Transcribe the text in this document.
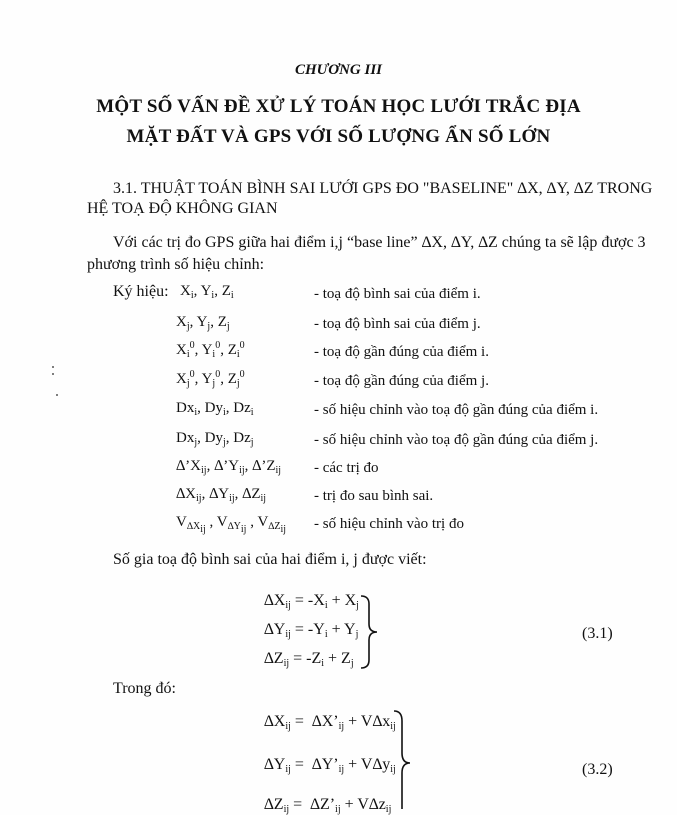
CHƯƠNG III
MỘT SỐ VẤN ĐỀ XỬ LÝ TOÁN HỌC LƯỚI TRẮC ĐỊA
MẶT ĐẤT VÀ GPS VỚI SỐ LƯỢNG ẨN SỐ LỚN
3.1. THUẬT TOÁN BÌNH SAI LƯỚI GPS ĐO "BASELINE" ∆X, ∆Y, ∆Z TRONG
HỆ TOẠ ĐỘ KHÔNG GIAN
Với các trị đo GPS giữa hai điểm i,j “base line” ∆X, ∆Y, ∆Z chúng ta sẽ lập được 3
phương trình số hiệu chỉnh:
Ký hiệu: $X_i$, $Y_i$, $Z_i$
$X_j$, $Y_j$, $Z_j$
$X_i^0$, $Y_i^0$, $Z_i^0$
$X_j^0$, $Y_j^0$, $Z_j^0$
$Dx_i$, $Dy_i$, $Dz_i$
$Dx_j$, $Dy_j$, $Dz_j$
$\Delta’X_{ij}$, $\Delta’Y_{ij}$, $\Delta’Z_{ij}$
$\Delta X_{ij}$, $\Delta Y_{ij}$, $\Delta Z_{ij}$
$V_{\Delta X_{ij}}$ , $V_{\Delta Y_{ij}}$ , $V_{\Delta Z_{ij}}$
- toạ độ bình sai của điểm i.
- toạ độ bình sai của điểm j.
- toạ độ gần đúng của điểm i.
- toạ độ gần đúng của điểm j.
- số hiệu chỉnh vào toạ độ gần đúng của điểm i.
- số hiệu chỉnh vào toạ độ gần đúng của điểm j.
- các trị đo
- trị đo sau bình sai.
- số hiệu chỉnh vào trị đo
Số gia toạ độ bình sai của hai điểm i, j được viết:
$\Delta X_{ij} = -X_i + X_j$
$\Delta Y_{ij} = -Y_i + Y_j$
$\Delta Z_{ij} = -Z_i + Z_j$
(3.1)
Trong đó:
$\Delta X_{ij}$ =  $\Delta X’_{ij} + V\Delta x_{ij}$
$\Delta Y_{ij}$ =  $\Delta Y’_{ij} + V\Delta y_{ij}$
$\Delta Z_{ij}$ =  $\Delta Z’_{ij} + V\Delta z_{ij}$
(3.2)
